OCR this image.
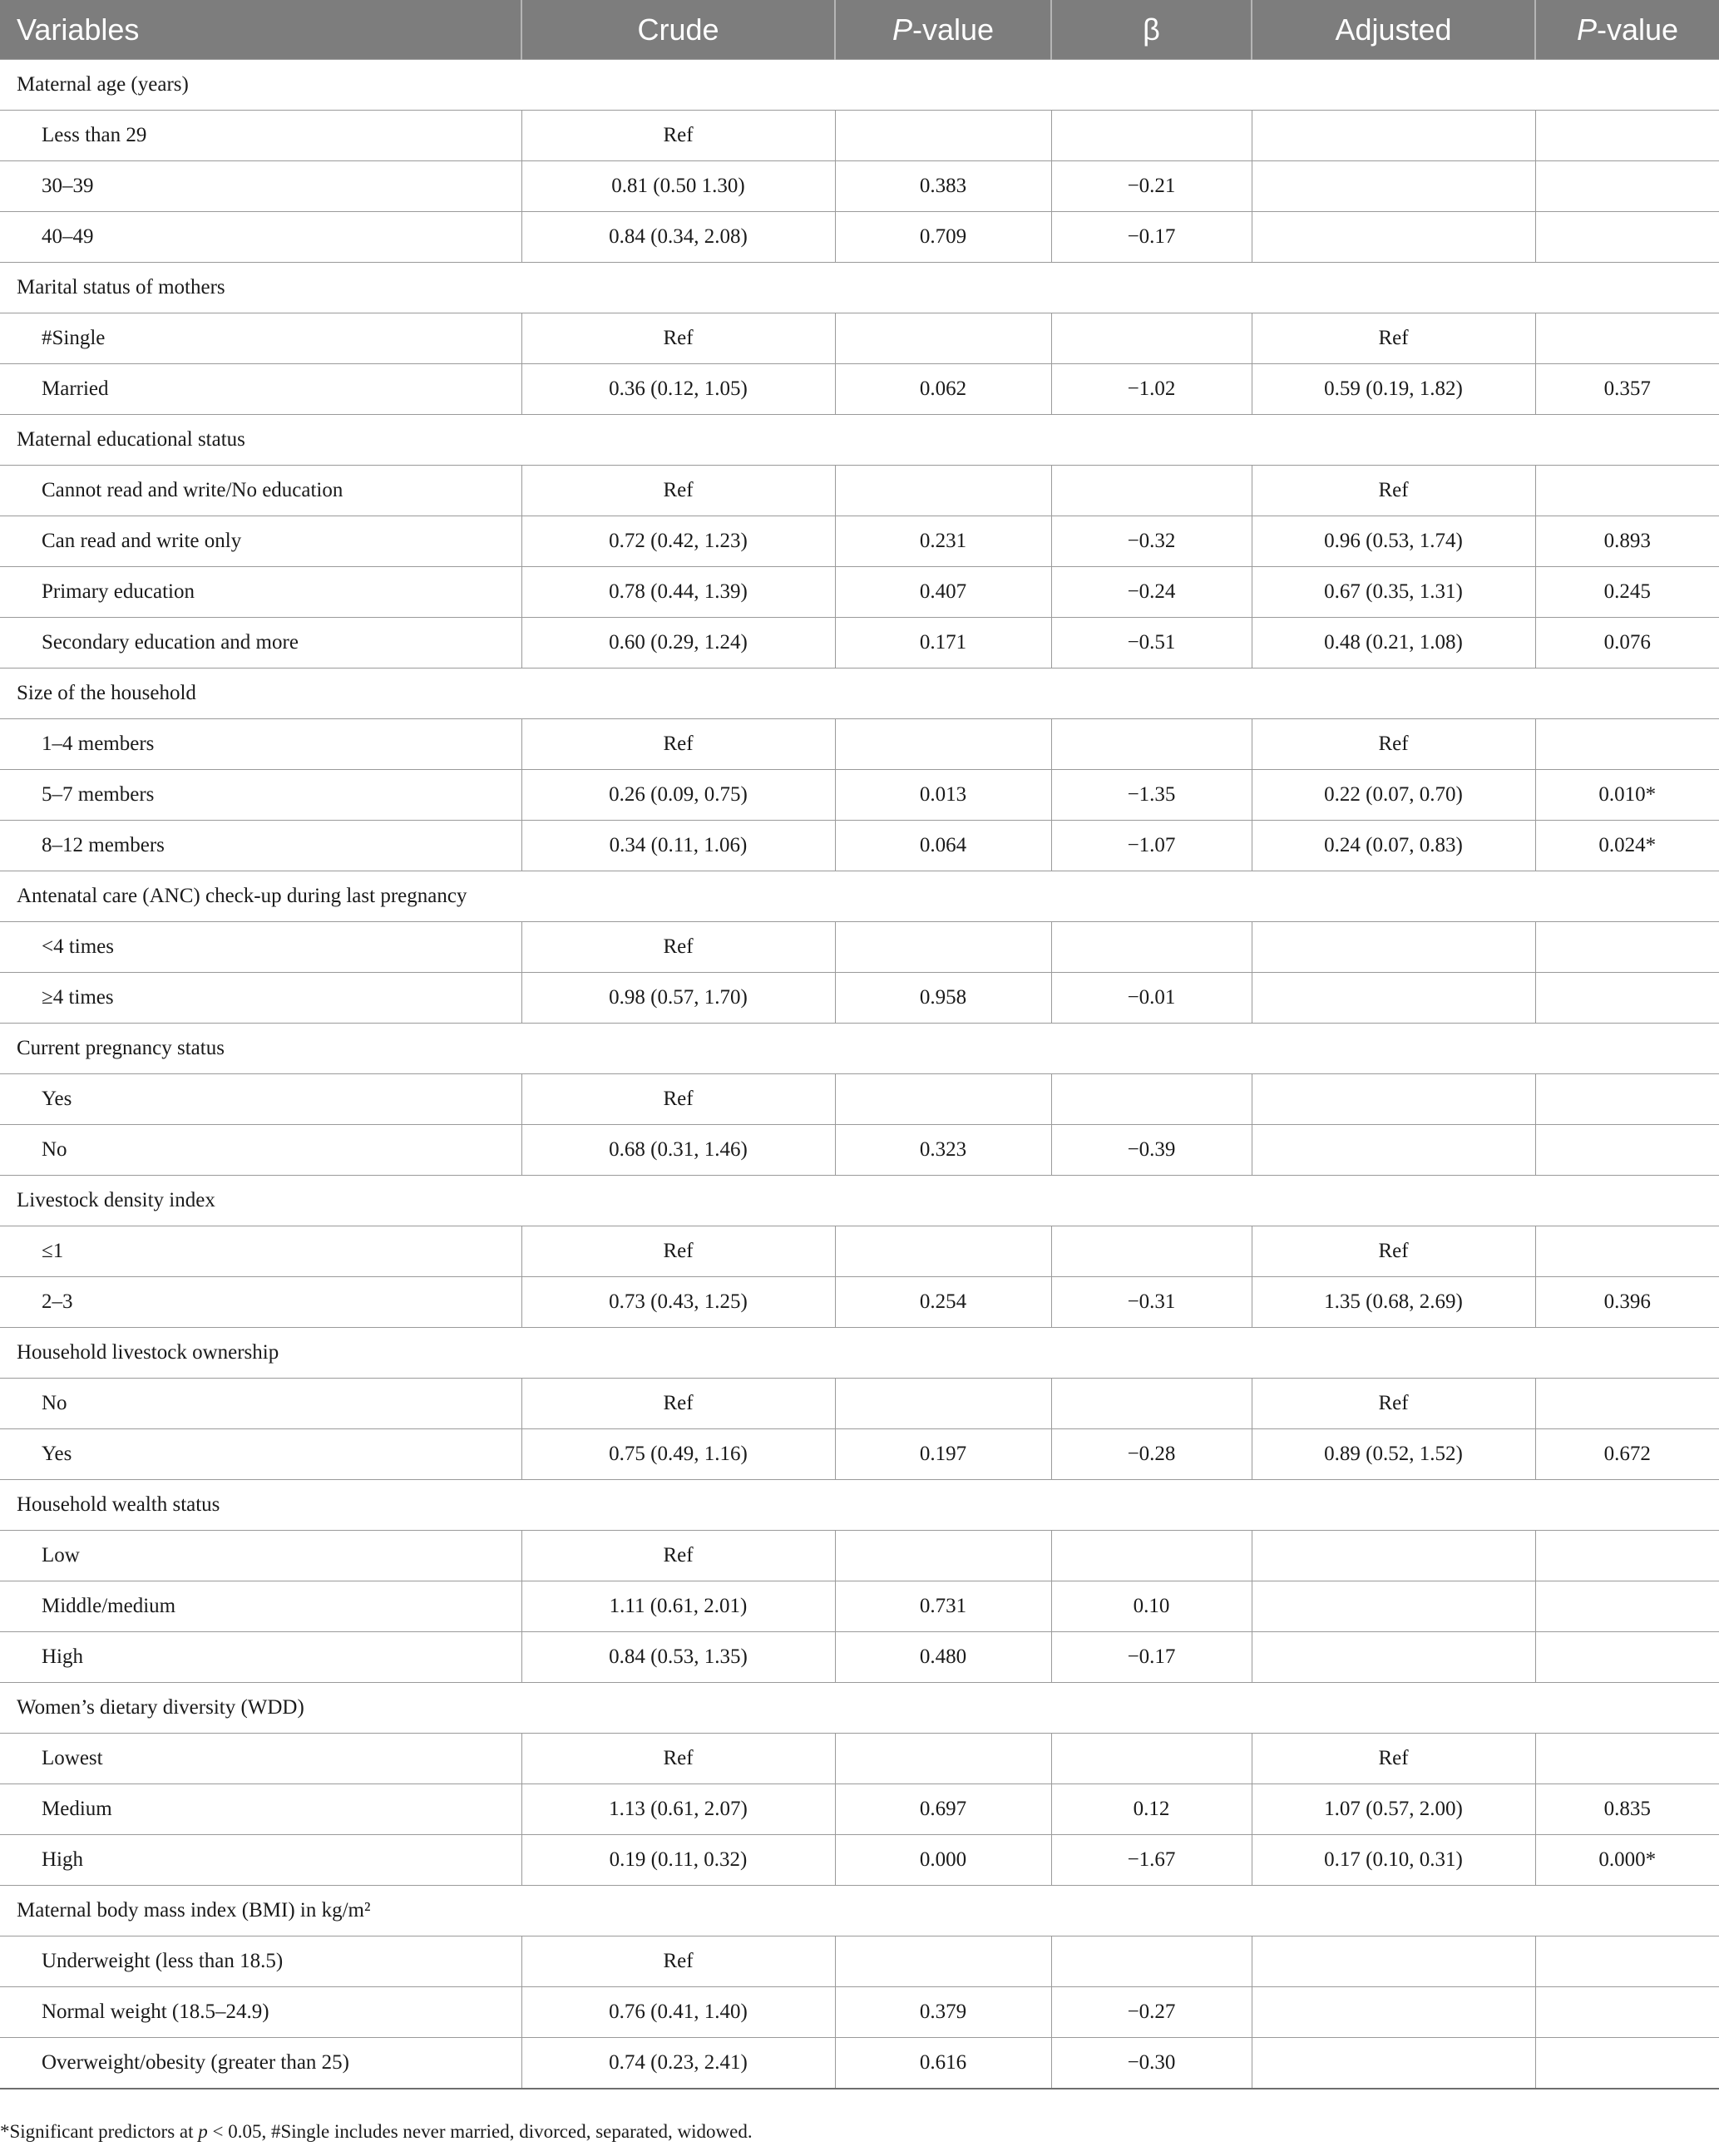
Variables	Crude	P-value	β	Adjusted	P-value
Maternal age (years)					
Less than 29	Ref				
30–39	0.81 (0.50 1.30)	0.383	−0.21		
40–49	0.84 (0.34, 2.08)	0.709	−0.17		
Marital status of mothers					
#Single	Ref			Ref	
Married	0.36 (0.12, 1.05)	0.062	−1.02	0.59 (0.19, 1.82)	0.357
Maternal educational status					
Cannot read and write/No education	Ref			Ref	
Can read and write only	0.72 (0.42, 1.23)	0.231	−0.32	0.96 (0.53, 1.74)	0.893
Primary education	0.78 (0.44, 1.39)	0.407	−0.24	0.67 (0.35, 1.31)	0.245
Secondary education and more	0.60 (0.29, 1.24)	0.171	−0.51	0.48 (0.21, 1.08)	0.076
Size of the household					
1–4 members	Ref			Ref	
5–7 members	0.26 (0.09, 0.75)	0.013	−1.35	0.22 (0.07, 0.70)	0.010*
8–12 members	0.34 (0.11, 1.06)	0.064	−1.07	0.24 (0.07, 0.83)	0.024*
Antenatal care (ANC) check-up during last pregnancy					
<4 times	Ref				
≥4 times	0.98 (0.57, 1.70)	0.958	−0.01		
Current pregnancy status					
Yes	Ref				
No	0.68 (0.31, 1.46)	0.323	−0.39		
Livestock density index					
≤1	Ref			Ref	
2–3	0.73 (0.43, 1.25)	0.254	−0.31	1.35 (0.68, 2.69)	0.396
Household livestock ownership					
No	Ref			Ref	
Yes	0.75 (0.49, 1.16)	0.197	−0.28	0.89 (0.52, 1.52)	0.672
Household wealth status					
Low	Ref				
Middle/medium	1.11 (0.61, 2.01)	0.731	0.10		
High	0.84 (0.53, 1.35)	0.480	−0.17		
Women’s dietary diversity (WDD)					
Lowest	Ref			Ref	
Medium	1.13 (0.61, 2.07)	0.697	0.12	1.07 (0.57, 2.00)	0.835
High	0.19 (0.11, 0.32)	0.000	−1.67	0.17 (0.10, 0.31)	0.000*
Maternal body mass index (BMI) in kg/m²					
Underweight (less than 18.5)	Ref				
Normal weight (18.5–24.9)	0.76 (0.41, 1.40)	0.379	−0.27		
Overweight/obesity (greater than 25)	0.74 (0.23, 2.41)	0.616	−0.30		
*Significant predictors at p < 0.05, #Single includes never married, divorced, separated, widowed.
